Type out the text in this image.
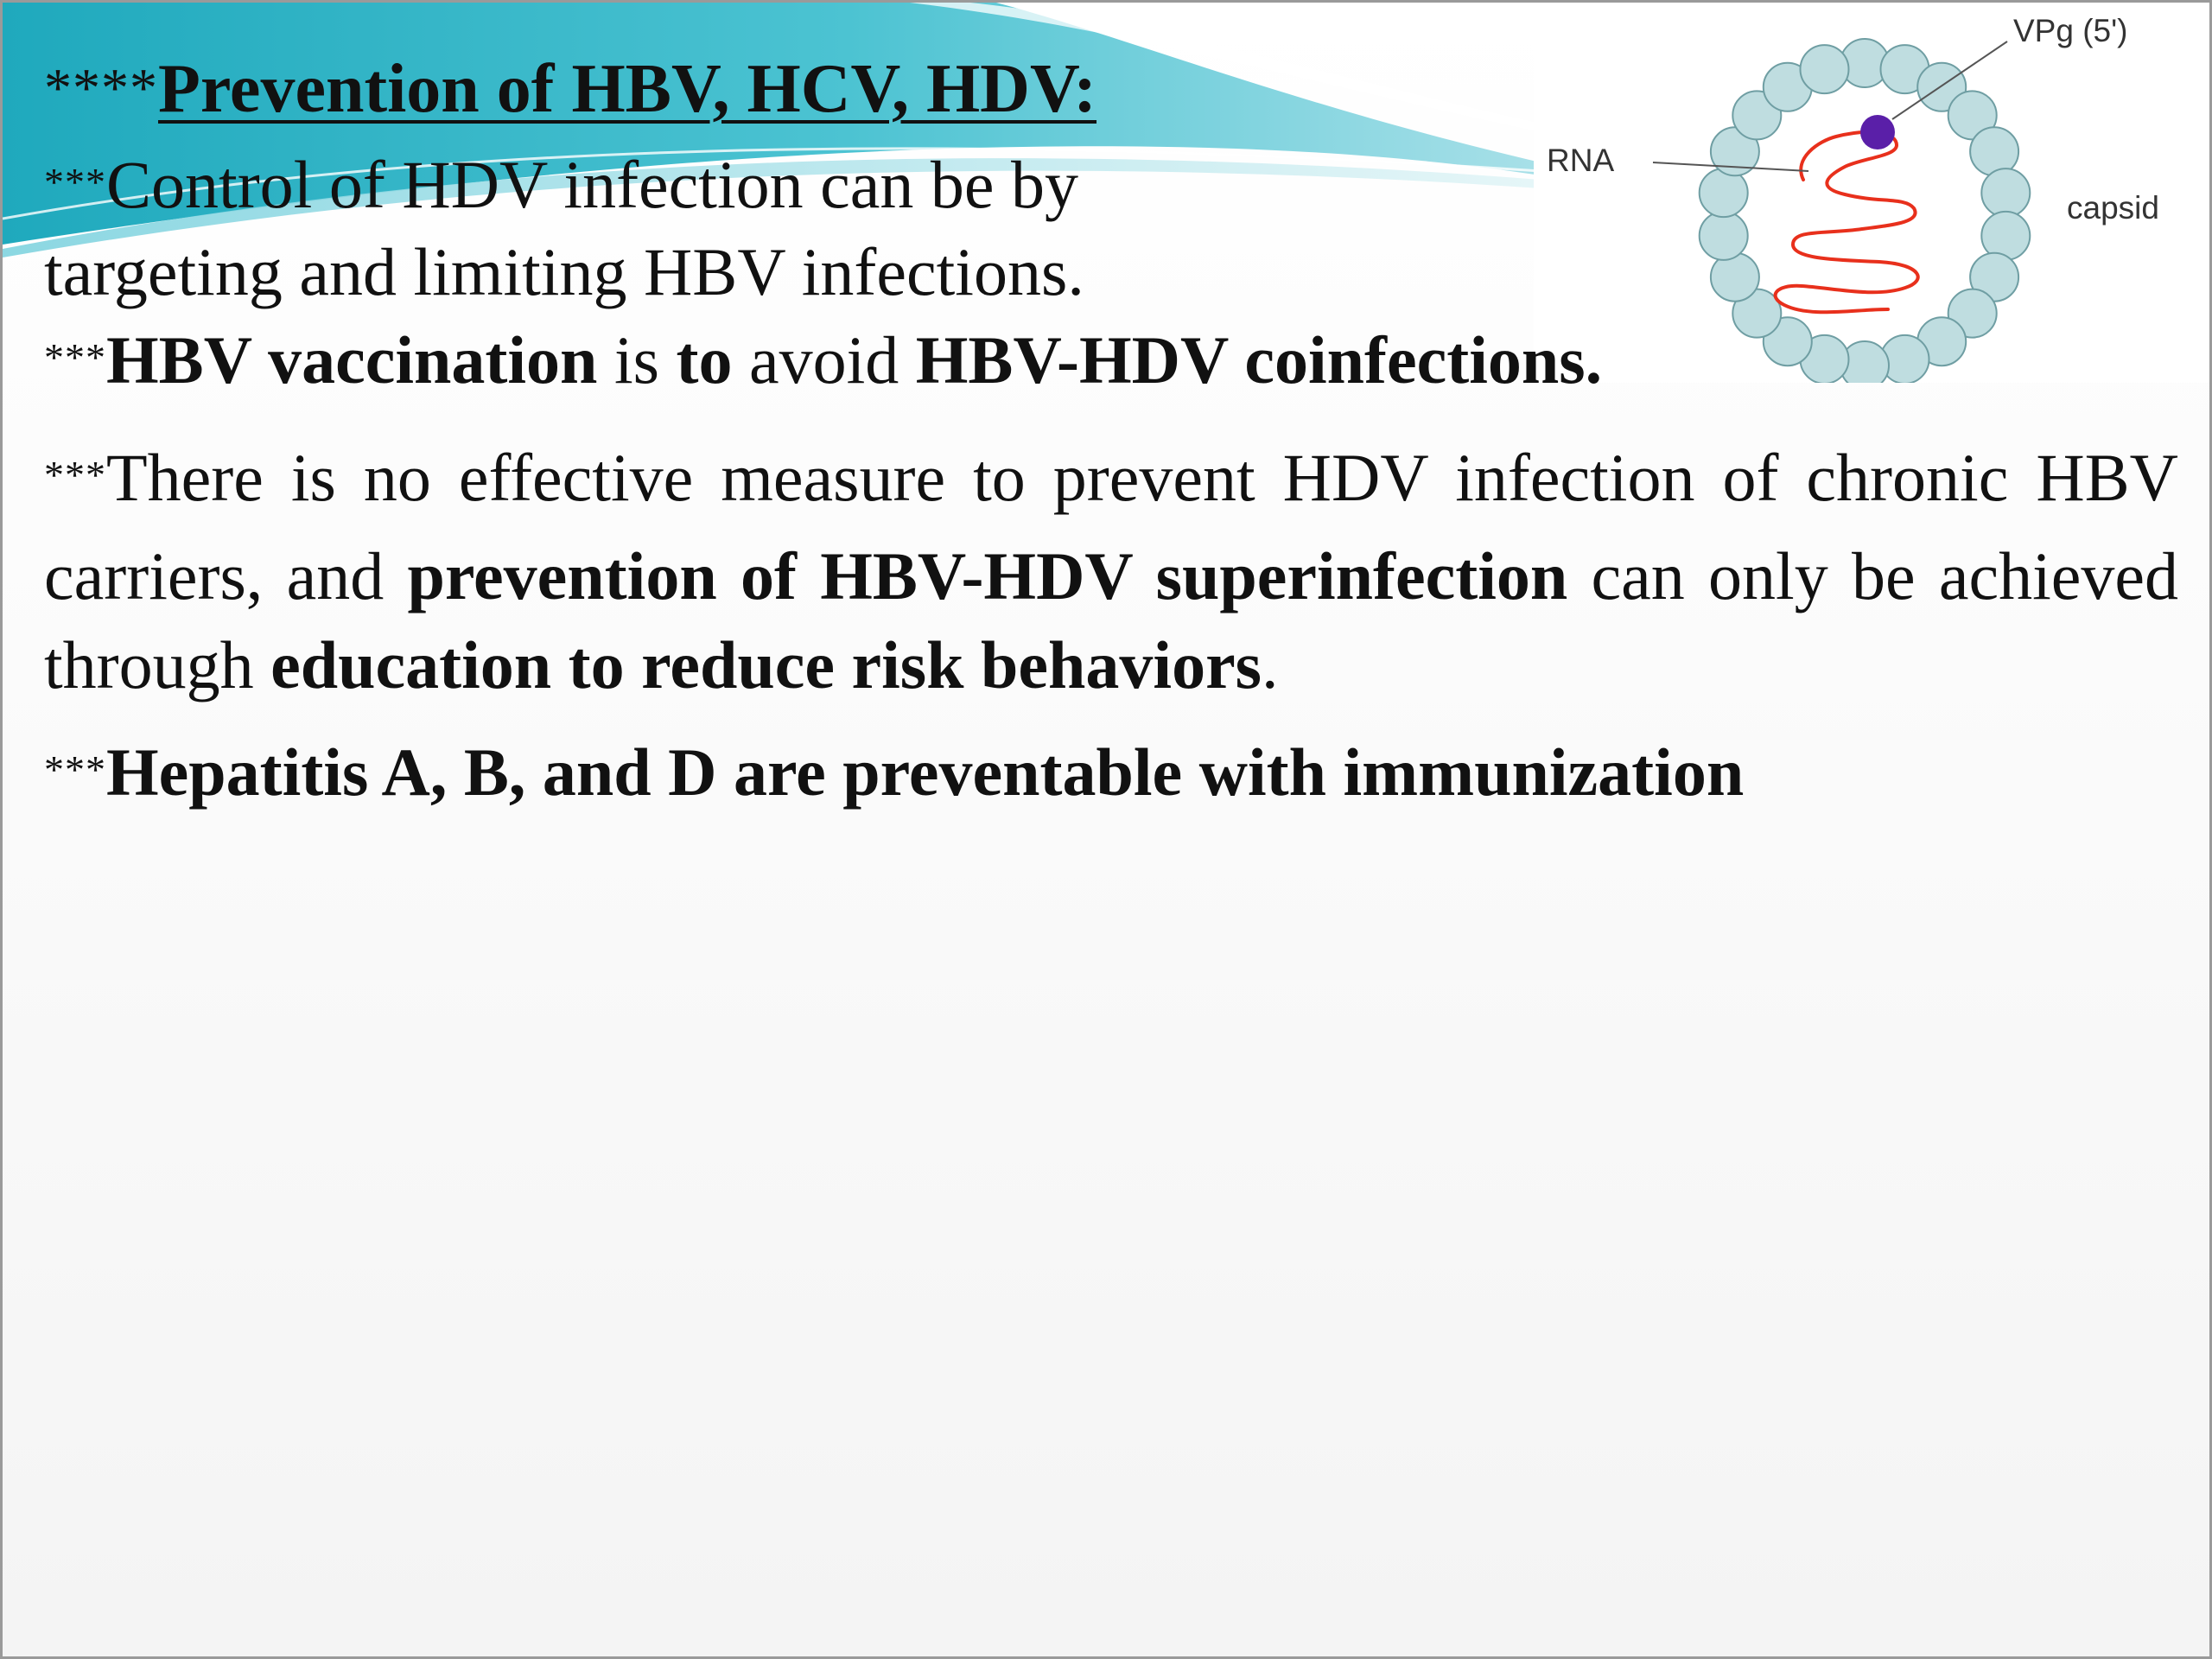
VPg (5')
RNA
capsid
****Prevention of HBV, HCV, HDV:

***Control of HDV infection can be by
targeting and limiting HBV infections.

***HBV vaccination is to avoid HBV-HDV coinfections.

***There is no effective measure to prevent HDV infection of chronic HBV carriers, and prevention of HBV-HDV superinfection can only be achieved through education to reduce risk behaviors.

***Hepatitis A, B, and D are preventable with immunization
